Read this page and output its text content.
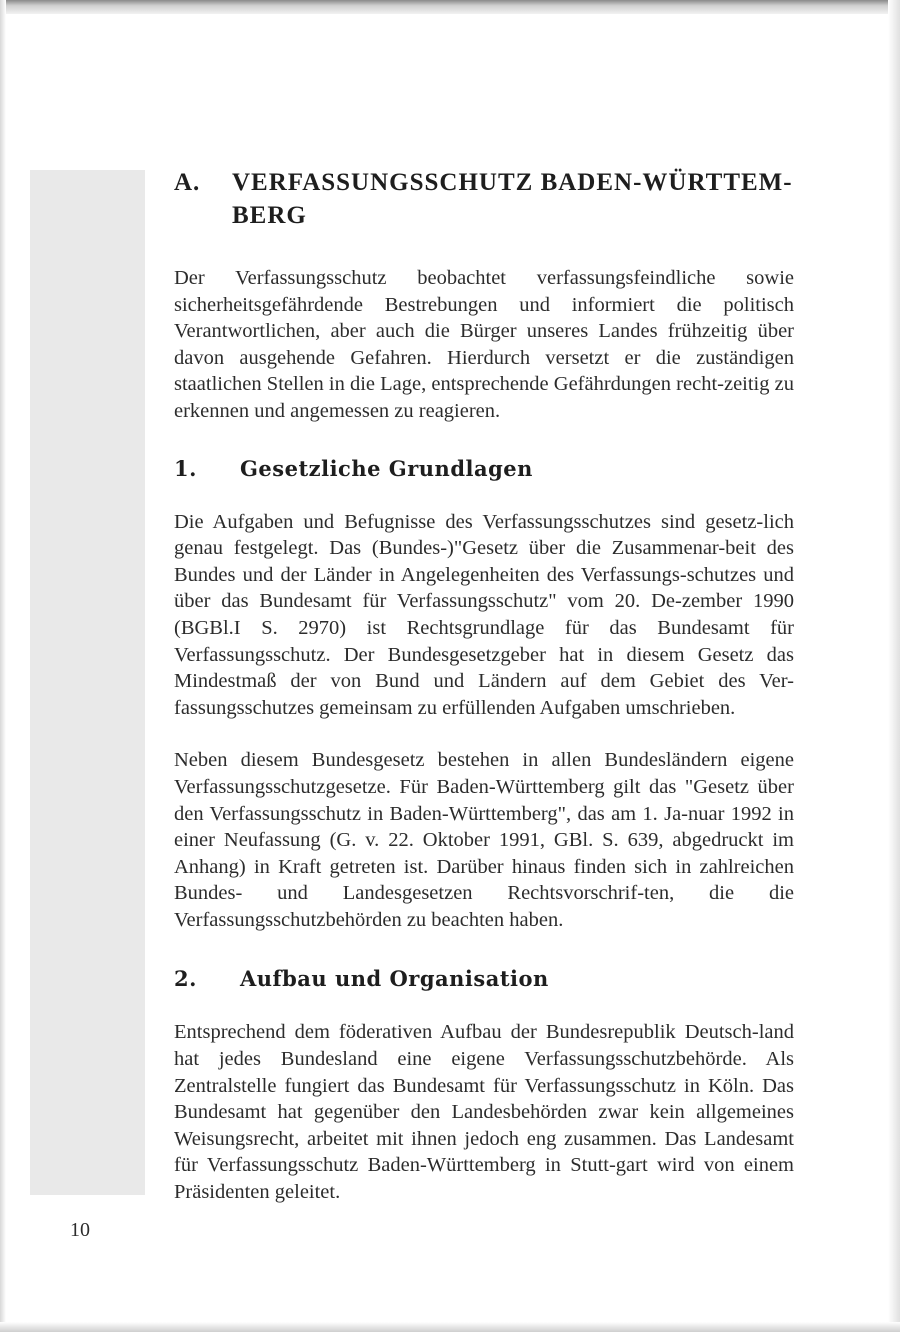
A.	VERFASSUNGSSCHUTZ BADEN-WÜRTTEM-BERG

Der Verfassungsschutz beobachtet verfassungsfeindliche sowie sicherheitsgefährdende Bestrebungen und informiert die politisch Verantwortlichen, aber auch die Bürger unseres Landes frühzeitig über davon ausgehende Gefahren. Hierdurch versetzt er die zuständigen staatlichen Stellen in die Lage, entsprechende Gefährdungen recht-zeitig zu erkennen und angemessen zu reagieren.

1.	Gesetzliche Grundlagen

Die Aufgaben und Befugnisse des Verfassungsschutzes sind gesetz-lich genau festgelegt. Das (Bundes-)"Gesetz über die Zusammenar-beit des Bundes und der Länder in Angelegenheiten des Verfassungs-schutzes und über das Bundesamt für Verfassungsschutz" vom 20. De-zember 1990 (BGBl.I S. 2970) ist Rechtsgrundlage für das Bundesamt für Verfassungsschutz. Der Bundesgesetzgeber hat in diesem Gesetz das Mindestmaß der von Bund und Ländern auf dem Gebiet des Ver-fassungsschutzes gemeinsam zu erfüllenden Aufgaben umschrieben.

Neben diesem Bundesgesetz bestehen in allen Bundesländern eigene Verfassungsschutzgesetze. Für Baden-Württemberg gilt das "Gesetz über den Verfassungsschutz in Baden-Württemberg", das am 1. Ja-nuar 1992 in einer Neufassung (G. v. 22. Oktober 1991, GBl. S. 639, abgedruckt im Anhang) in Kraft getreten ist. Darüber hinaus finden sich in zahlreichen Bundes- und Landesgesetzen Rechtsvorschrif-ten, die die Verfassungsschutzbehörden zu beachten haben.

2.	Aufbau und Organisation

Entsprechend dem föderativen Aufbau der Bundesrepublik Deutsch-land hat jedes Bundesland eine eigene Verfassungsschutzbehörde. Als Zentralstelle fungiert das Bundesamt für Verfassungsschutz in Köln. Das Bundesamt hat gegenüber den Landesbehörden zwar kein allgemeines Weisungsrecht, arbeitet mit ihnen jedoch eng zusammen. Das Landesamt für Verfassungsschutz Baden-Württemberg in Stutt-gart wird von einem Präsidenten geleitet.

10
